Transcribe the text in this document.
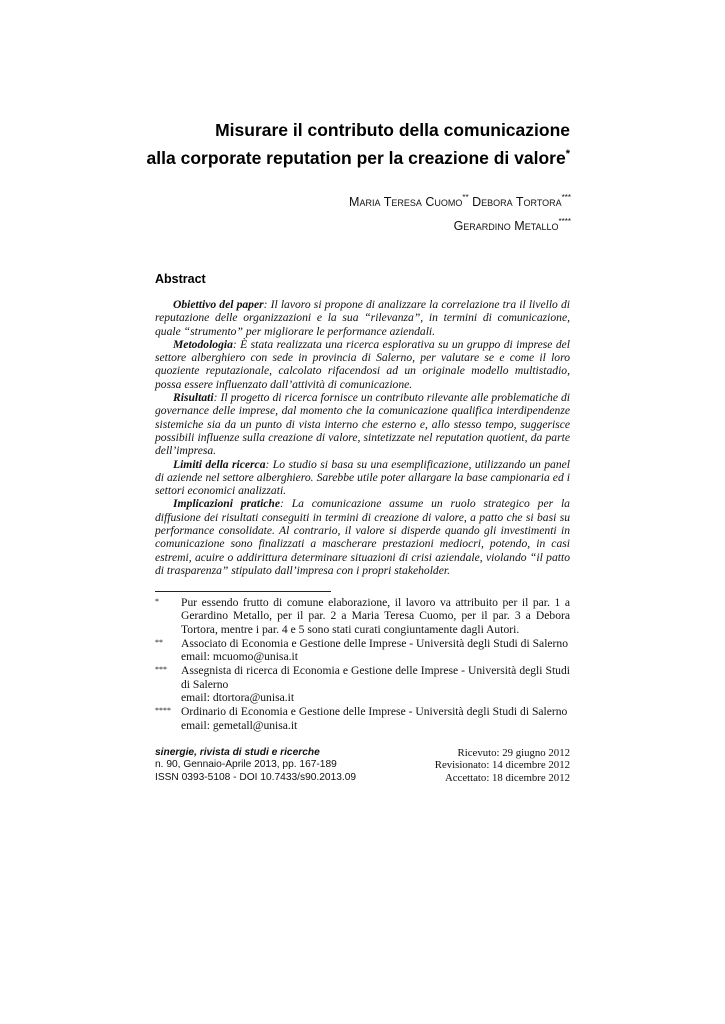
Misurare il contributo della comunicazione
alla corporate reputation per la creazione di valore*
Maria Teresa Cuomo** Debora Tortora***
Gerardino Metallo****
Abstract

Obiettivo del paper: Il lavoro si propone di analizzare la correlazione tra il livello di reputazione delle organizzazioni e la sua “rilevanza”, in termini di comunicazione, quale “strumento” per migliorare le performance aziendali.

Metodologia: È stata realizzata una ricerca esplorativa su un gruppo di imprese del settore alberghiero con sede in provincia di Salerno, per valutare se e come il loro quoziente reputazionale, calcolato rifacendosi ad un originale modello multistadio, possa essere influenzato dall’attività di comunicazione.

Risultati: Il progetto di ricerca fornisce un contributo rilevante alle problematiche di governance delle imprese, dal momento che la comunicazione qualifica interdipendenze sistemiche sia da un punto di vista interno che esterno e, allo stesso tempo, suggerisce possibili influenze sulla creazione di valore, sintetizzate nel reputation quotient, da parte dell’impresa.

Limiti della ricerca: Lo studio si basa su una esemplificazione, utilizzando un panel di aziende nel settore alberghiero. Sarebbe utile poter allargare la base campionaria ed i settori economici analizzati.

Implicazioni pratiche: La comunicazione assume un ruolo strategico per la diffusione dei risultati conseguiti in termini di creazione di valore, a patto che si basi su performance consolidate. Al contrario, il valore si disperde quando gli investimenti in comunicazione sono finalizzati a mascherare prestazioni mediocri, potendo, in casi estremi, acuire o addirittura determinare situazioni di crisi aziendale, violando “il patto di trasparenza” stipulato dall’impresa con i propri stakeholder.

*	Pur essendo frutto di comune elaborazione, il lavoro va attribuito per il par. 1 a Gerardino Metallo, per il par. 2 a Maria Teresa Cuomo, per il par. 3 a Debora Tortora, mentre i par. 4 e 5 sono stati curati congiuntamente dagli Autori.
**	Associato di Economia e Gestione delle Imprese - Università degli Studi di Salerno
email: mcuomo@unisa.it
***	Assegnista di ricerca di Economia e Gestione delle Imprese - Università degli Studi di Salerno
email: dtortora@unisa.it
**** Ordinario di Economia e Gestione delle Imprese - Università degli Studi di Salerno
email: gemetall@unisa.it
sinergie, rivista di studi e ricerche
n. 90, Gennaio-Aprile 2013, pp. 167-189
ISSN 0393-5108 - DOI 10.7433/s90.2013.09
Ricevuto: 29 giugno 2012
Revisionato: 14 dicembre 2012
Accettato: 18 dicembre 2012
